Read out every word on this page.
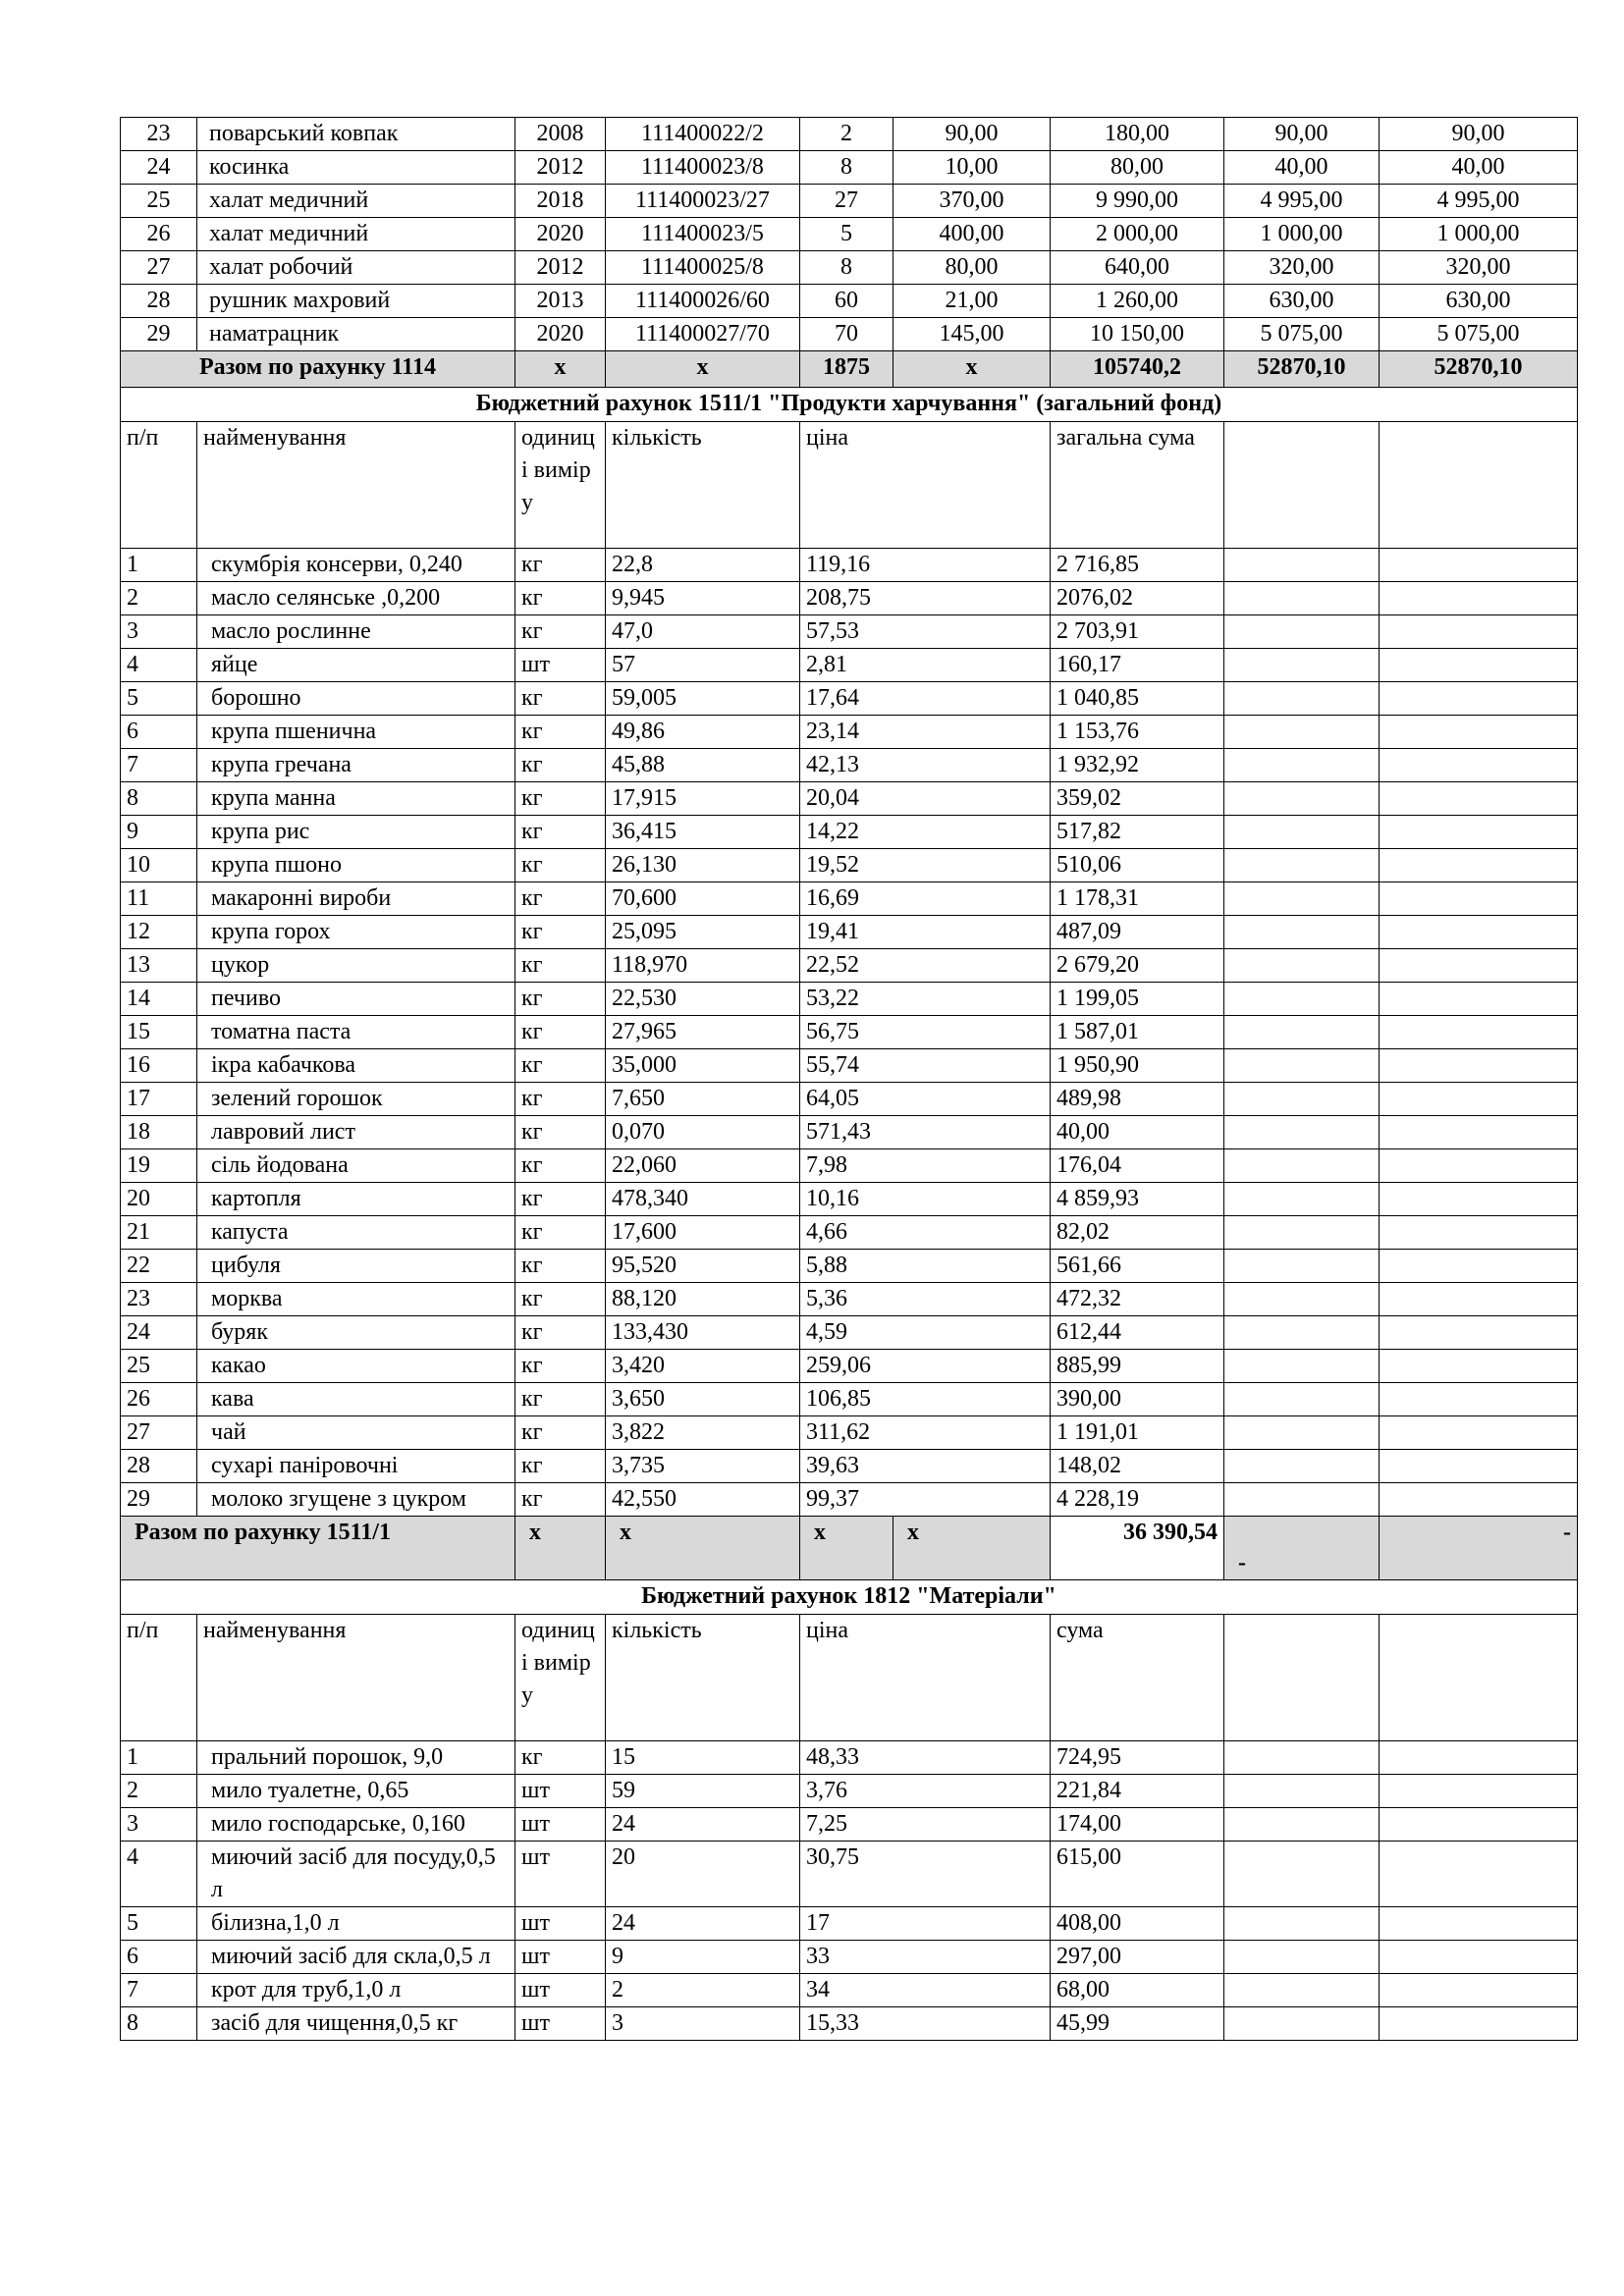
23	поварський ковпак	2008	111400022/2	2	90,00	180,00	90,00	90,00
24	косинка	2012	111400023/8	8	10,00	80,00	40,00	40,00
25	халат медичний	2018	111400023/27	27	370,00	9 990,00	4 995,00	4 995,00
26	халат медичний	2020	111400023/5	5	400,00	2 000,00	1 000,00	1 000,00
27	халат робочий	2012	111400025/8	8	80,00	640,00	320,00	320,00
28	рушник махровий	2013	111400026/60	60	21,00	1 260,00	630,00	630,00
29	наматрацник	2020	111400027/70	70	145,00	10 150,00	5 075,00	5 075,00
Разом по рахунку 1114		x	x	1875	x	105740,2	52870,10	52870,10
Бюджетний рахунок 1511/1 "Продукти харчування" (загальний фонд)								
п/п	найменування	одиниці виміру	кількість	ціна		загальна сума		
1	скумбрія консерви, 0,240	кг	22,8	119,16		2 716,85		
2	масло селянське ,0,200	кг	9,945	208,75		2076,02		
3	масло рослинне	кг	47,0	57,53		2 703,91		
4	яйце	шт	57	2,81		160,17		
5	борошно	кг	59,005	17,64		1 040,85		
6	крупа пшенична	кг	49,86	23,14		1 153,76		
7	крупа гречана	кг	45,88	42,13		1 932,92		
8	крупа манна	кг	17,915	20,04		359,02		
9	крупа рис	кг	36,415	14,22		517,82		
10	крупа пшоно	кг	26,130	19,52		510,06		
11	макаронні вироби	кг	70,600	16,69		1 178,31		
12	крупа горох	кг	25,095	19,41		487,09		
13	цукор	кг	118,970	22,52		2 679,20		
14	печиво	кг	22,530	53,22		1 199,05		
15	томатна паста	кг	27,965	56,75		1 587,01		
16	ікра кабачкова	кг	35,000	55,74		1 950,90		
17	зелений горошок	кг	7,650	64,05		489,98		
18	лавровий лист	кг	0,070	571,43		40,00		
19	сіль йодована	кг	22,060	7,98		176,04		
20	картопля	кг	478,340	10,16		4 859,93		
21	капуста	кг	17,600	4,66		82,02		
22	цибуля	кг	95,520	5,88		561,66		
23	морква	кг	88,120	5,36		472,32		
24	буряк	кг	133,430	4,59		612,44		
25	какао	кг	3,420	259,06		885,99		
26	кава	кг	3,650	106,85		390,00		
27	чай	кг	3,822	311,62		1 191,01		
28	сухарі паніровочні	кг	3,735	39,63		148,02		
29	молоко згущене з цукром	кг	42,550	99,37		4 228,19		
Разом по рахунку 1511/1		x	x	x	x	36 390,54	-	-
Бюджетний рахунок 1812 "Матеріали"								
п/п	найменування	одиниці виміру	кількість	ціна		сума		
1	пральний порошок, 9,0	кг	15	48,33		724,95		
2	мило туалетне, 0,65	шт	59	3,76		221,84		
3	мило господарське, 0,160	шт	24	7,25		174,00		
4	миючий засіб для посуду,0,5 л	шт	20	30,75		615,00		
5	білизна,1,0 л	шт	24	17		408,00		
6	миючий засіб для скла,0,5 л	шт	9	33		297,00		
7	крот для труб,1,0 л	шт	2	34		68,00		
8	засіб для чищення,0,5 кг	шт	3	15,33		45,99		
